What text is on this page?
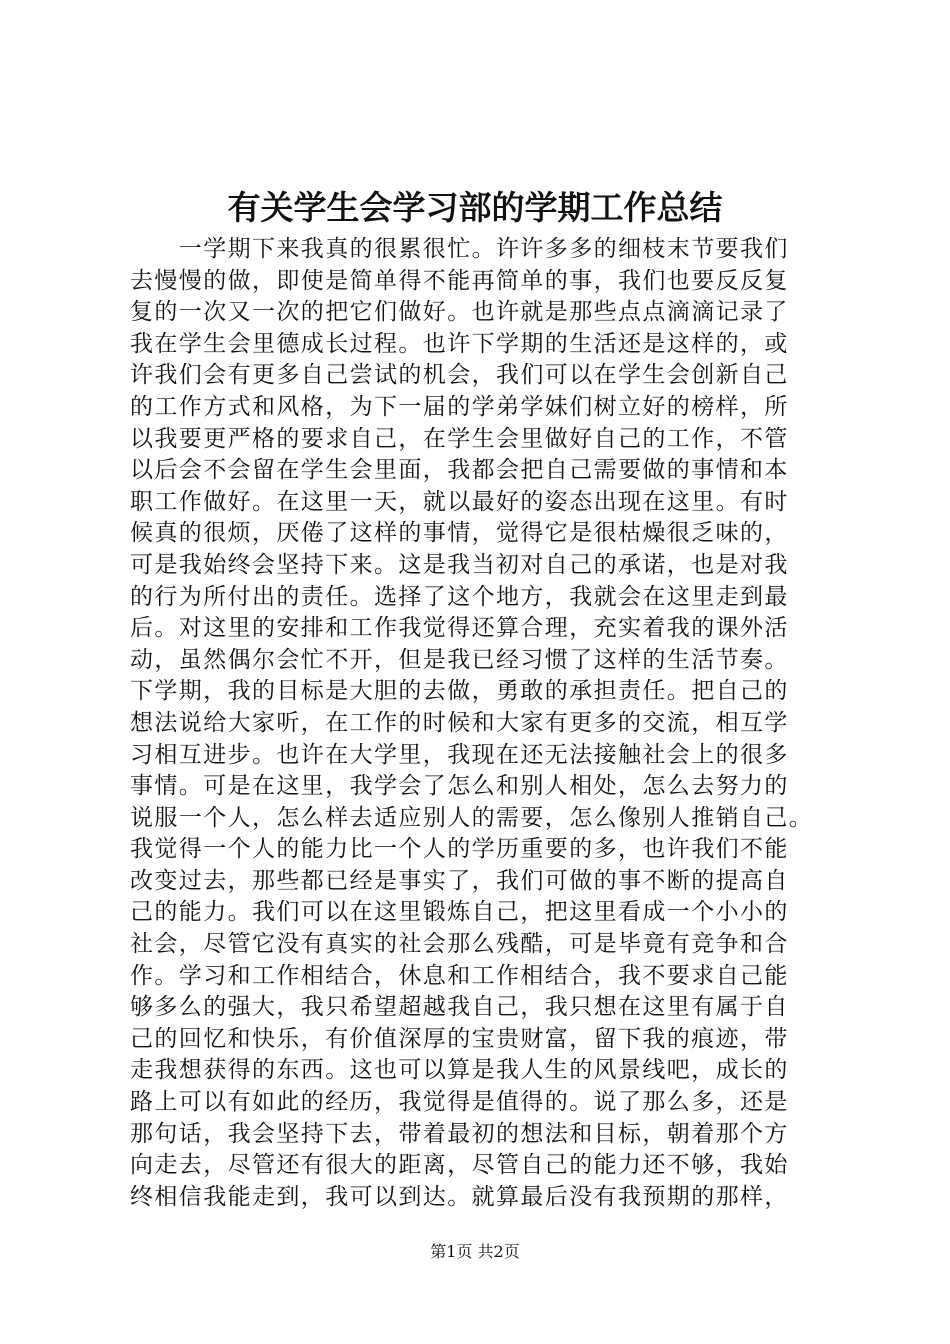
有关学生会学习部的学期工作总结
　　一学期下来我真的很累很忙。许许多多的细枝末节要我们
去慢慢的做，即使是简单得不能再简单的事，我们也要反反复
复的一次又一次的把它们做好。也许就是那些点点滴滴记录了
我在学生会里德成长过程。也许下学期的生活还是这样的，或
许我们会有更多自己尝试的机会，我们可以在学生会创新自己
的工作方式和风格，为下一届的学弟学妹们树立好的榜样，所
以我要更严格的要求自己，在学生会里做好自己的工作，不管
以后会不会留在学生会里面，我都会把自己需要做的事情和本
职工作做好。在这里一天，就以最好的姿态出现在这里。有时
候真的很烦，厌倦了这样的事情，觉得它是很枯燥很乏味的，
可是我始终会坚持下来。这是我当初对自己的承诺，也是对我
的行为所付出的责任。选择了这个地方，我就会在这里走到最
后。对这里的安排和工作我觉得还算合理，充实着我的课外活
动，虽然偶尔会忙不开，但是我已经习惯了这样的生活节奏。
下学期，我的目标是大胆的去做，勇敢的承担责任。把自己的
想法说给大家听，在工作的时候和大家有更多的交流，相互学
习相互进步。也许在大学里，我现在还无法接触社会上的很多
事情。可是在这里，我学会了怎么和别人相处，怎么去努力的
说服一个人，怎么样去适应别人的需要，怎么像别人推销自己。
我觉得一个人的能力比一个人的学历重要的多，也许我们不能
改变过去，那些都已经是事实了，我们可做的事不断的提高自
己的能力。我们可以在这里锻炼自己，把这里看成一个小小的
社会，尽管它没有真实的社会那么残酷，可是毕竟有竞争和合
作。学习和工作相结合，休息和工作相结合，我不要求自己能
够多么的强大，我只希望超越我自己，我只想在这里有属于自
己的回忆和快乐，有价值深厚的宝贵财富，留下我的痕迹，带
走我想获得的东西。这也可以算是我人生的风景线吧，成长的
路上可以有如此的经历，我觉得是值得的。说了那么多，还是
那句话，我会坚持下去，带着最初的想法和目标，朝着那个方
向走去，尽管还有很大的距离，尽管自己的能力还不够，我始
终相信我能走到，我可以到达。就算最后没有我预期的那样，
第1页 共2页
